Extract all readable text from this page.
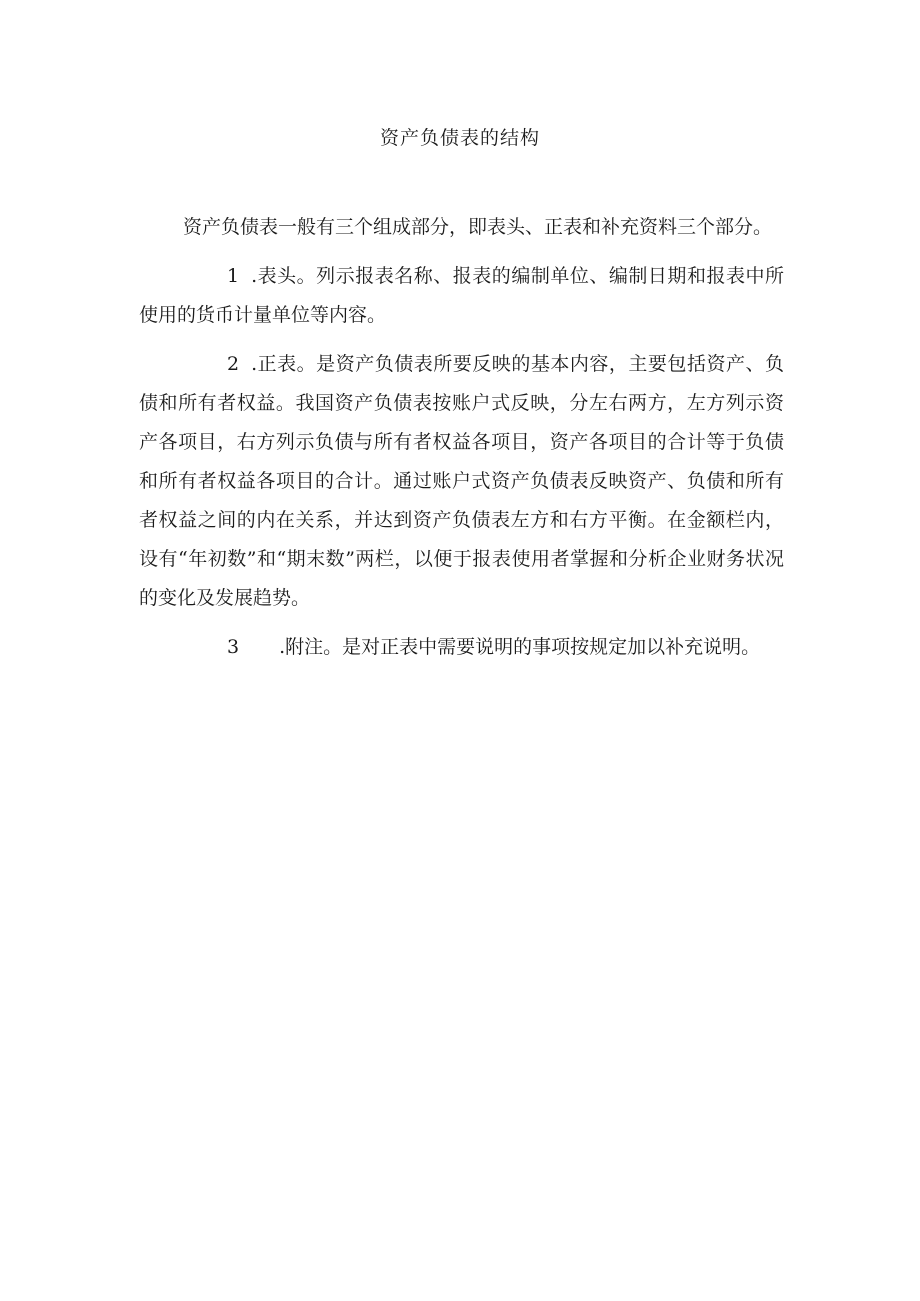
资产负债表的结构

资产负债表一般有三个组成部分，即表头、正表和补充资料三个部分。

1 .表头。列示报表名称、报表的编制单位、编制日期和报表中所使用的货币计量单位等内容。

2 .正表。是资产负债表所要反映的基本内容，主要包括资产、负债和所有者权益。我国资产负债表按账户式反映，分左右两方，左方列示资产各项目，右方列示负债与所有者权益各项目，资产各项目的合计等于负债和所有者权益各项目的合计。通过账户式资产负债表反映资产、负债和所有者权益之间的内在关系，并达到资产负债表左方和右方平衡。在金额栏内，设有“年初数”和“期末数”两栏，以便于报表使用者掌握和分析企业财务状况的变化及发展趋势。

3 .附注。是对正表中需要说明的事项按规定加以补充说明。
